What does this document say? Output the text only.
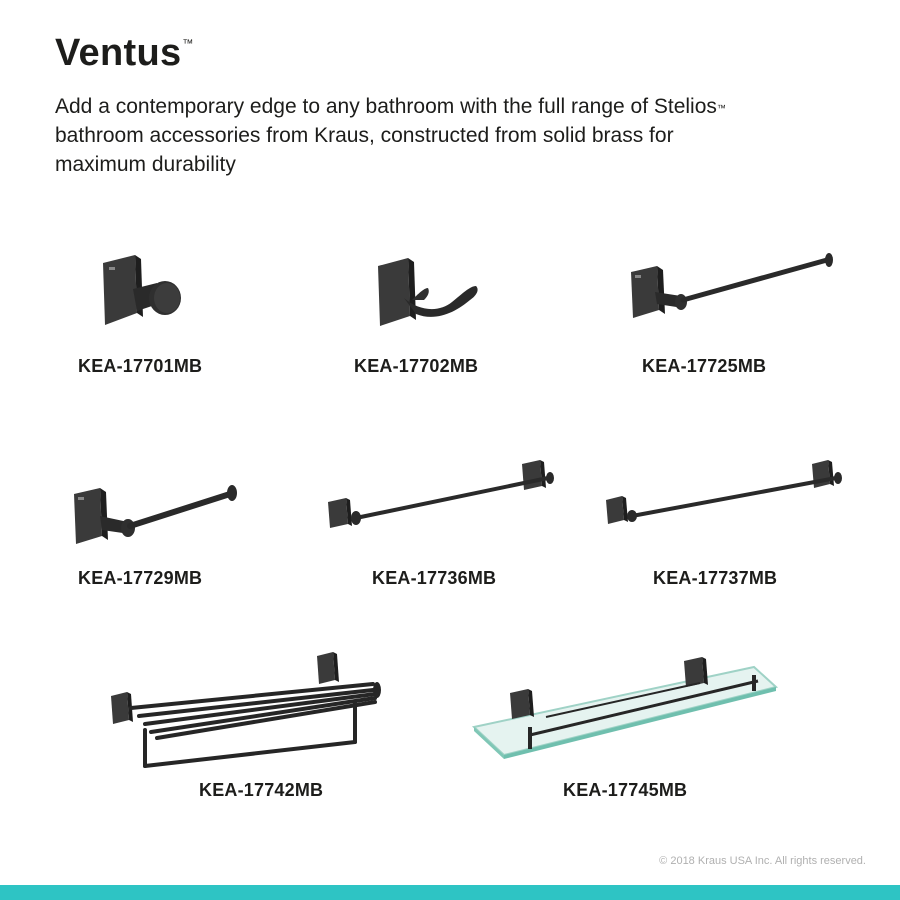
Ventus™
Add a contemporary edge to any bathroom with the full range of Stelios™
bathroom accessories from Kraus, constructed from solid brass for
maximum durability
KEA-17701MB	KEA-17702MB	KEA-17725MB
KEA-17729MB	KEA-17736MB	KEA-17737MB
KEA-17742MB	KEA-17745MB
© 2018 Kraus USA Inc. All rights reserved.
